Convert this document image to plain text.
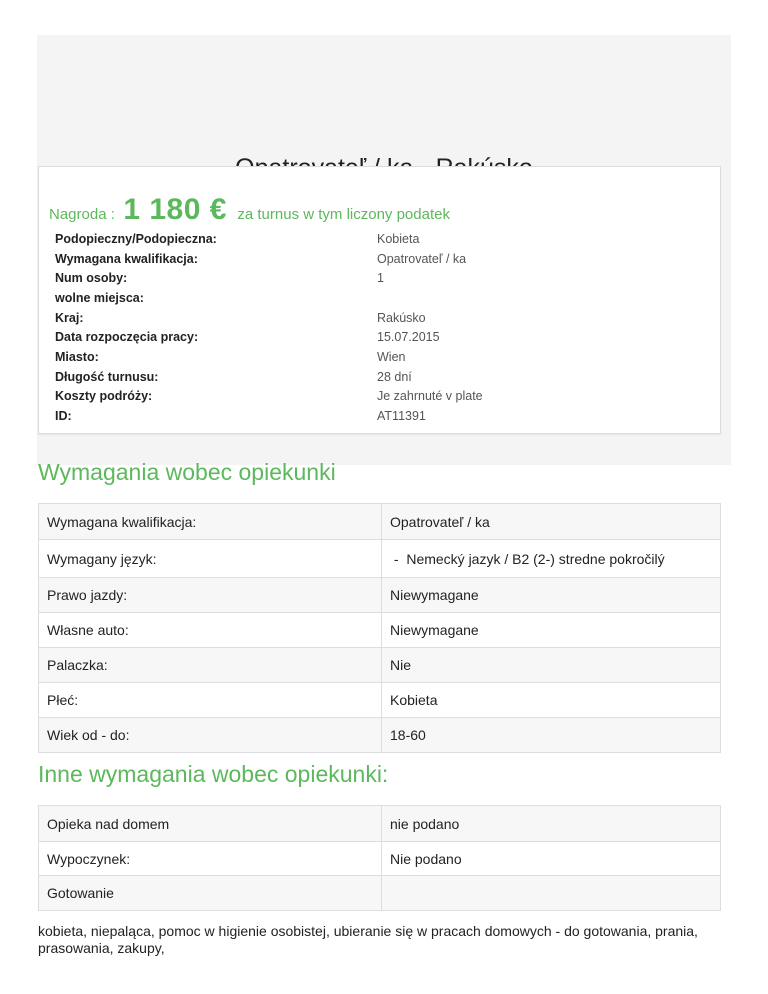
Nagroda : 1 180 € za turnus w tym liczony podatek
Podopieczny/Podopieczna:	Kobieta
Wymagana kwalifikacja:	Opatrovateľ / ka
Num osoby:	1
wolne miejsca:	
Kraj:	Rakúsko
Data rozpoczęcia pracy:	15.07.2015
Miasto:	Wien
Długość turnusu:	28 dní
Koszty podróży:	Je zahrnuté v plate
ID:	AT11391
Wymagania wobec opiekunki
Wymagana kwalifikacja:	Opatrovateľ / ka
Wymagany język:	-  Nemecký jazyk / B2 (2-) stredne pokročilý
Prawo jazdy:	Niewymagane
Własne auto:	Niewymagane
Palaczka:	Nie
Płeć:	Kobieta
Wiek od - do:	18-60
Inne wymagania wobec opiekunki:
Opieka nad domem	nie podano
Wypoczynek:	Nie podano
Gotowanie	

kobieta, niepaląca, pomoc w higienie osobistej, ubieranie się w pracach domowych - do gotowania, prania, prasowania, zakupy,
